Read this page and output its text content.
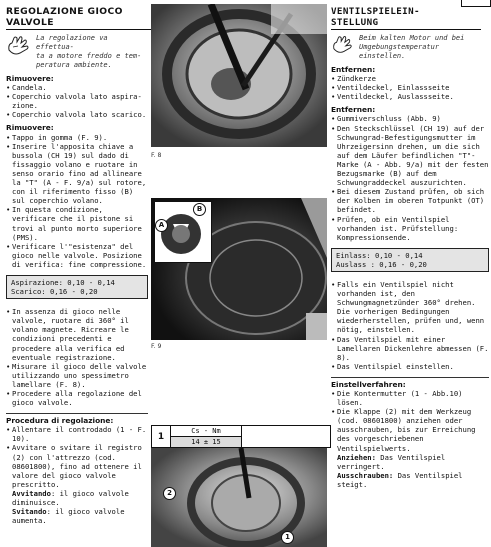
REGOLAZIONE GIOCO
VALVOLE
La regolazione va effettua-
ta a motore freddo e tem-
peratura ambiente.
Rimuovere:
• Candela.
• Coperchio valvola lato aspira-zione.
• Coperchio valvola lato scarico.
Rimuovere:
• Tappo in gomma (F. 9).
• Inserire l'apposita chiave a bussola (CH 19) sul dado di fissaggio volano e ruotare in senso orario fino ad allineare la "T" (A - F. 9/a) sul rotore, con il riferimento fisso (B) sul coperchio volano.
• In questa condizione, verificare che il pistone si trovi al punto morto superiore (PMS).
• Verificare l'"esistenza" del gioco nelle valvole. Posizione di verifica: fine compressione.
Aspirazione: 0,10 - 0,14
Scarico: 0,16 - 0,20
• In assenza di gioco nelle valvole, ruotare di 360° il volano magnete. Ricreare le condizioni precedenti e procedere alla verifica ed eventuale registrazione.
• Misurare il gioco delle valvole utilizzando uno spessimetro lamellare (F. 8).
• Procedere alla regolazione del gioco valvole.
Procedura di regolazione:
• Allentare il controdado (1 - F. 10).
• Avvitare o svitare il registro (2) con l'attrezzo (cod. 08601800), fino ad ottenere il valore del gioco valvole prescritto.
Avvitando: il gioco valvole diminuisce.
Svitando: il gioco valvole aumenta.
F. 8
A
B
F. 9
1
Cs - Nm
14 ± 15
2
1
VENTILSPIELEIN-
STELLUNG
Beim kalten Motor und bei
Umgebungstemperatur
einstellen.
Entfernen:
• Zündkerze
• Ventildeckel, Einlassseite
• Ventildeckel, Auslassseite.
Entfernen:
• Gummiverschluss (Abb. 9)
• Den Steckschlüssel (CH 19) auf der Schwungrad-Befestigungsmutter im Uhrzeigersinn drehen, um die sich auf dem Läufer befindlichen "T"-Marke (A - Abb. 9/a) mit der festen Bezugsmarke (B) auf dem Schwungraddeckel auszurichten.
• Bei diesem Zustand prüfen, ob sich der Kolben im oberen Totpunkt (OT) befindet.
• Prüfen, ob ein Ventilspiel vorhanden ist. Prüfstellung: Kompressionsende.
Einlass: 0,10 - 0,14
Auslass : 0,16 - 0,20
• Falls ein Ventilspiel nicht vorhanden ist, den Schwungmagnetzünder 360° drehen. Die vorherigen Bedingungen wiederherstellen, prüfen und, wenn nötig, einstellen.
• Das Ventilspiel mit einer Lamellaren Dickenlehre abmessen (F. 8).
• Das Ventilspiel einstellen.
Einstellverfahren:
• Die Kontermutter (1 - Abb.10) lösen.
• Die Klappe (2) mit dem Werkzeug (cod. 08601800) anziehen oder ausschrauben, bis zur Erreichung des vorgeschriebenen Ventilspielwerts.
Anziehen: Das Ventilspiel verringert.
Ausschrauben: Das Ventilspiel steigt.
